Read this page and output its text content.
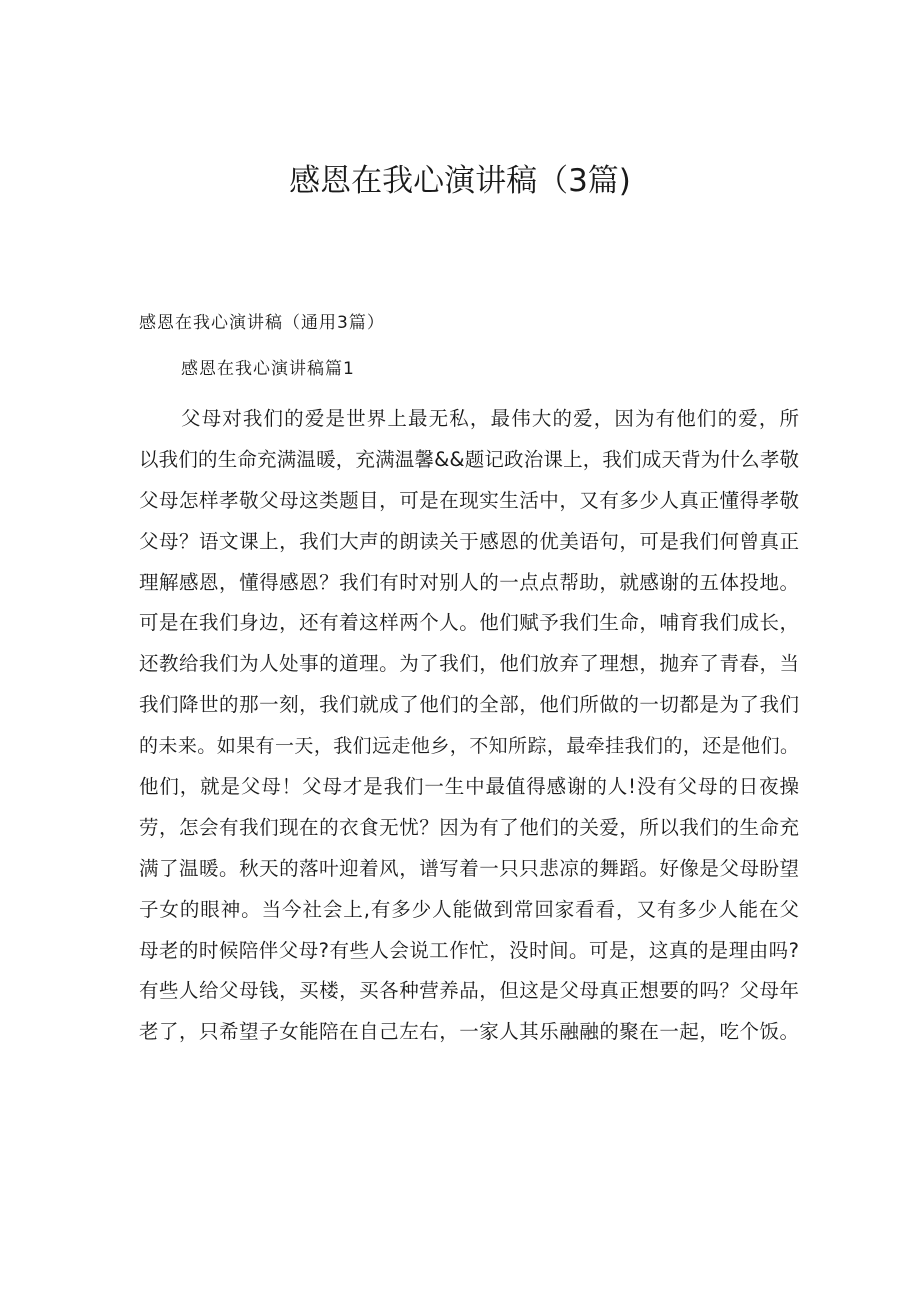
感恩在我心演讲稿（3篇)

感恩在我心演讲稿（通用3篇）

感恩在我心演讲稿篇1

父母对我们的爱是世界上最无私，最伟大的爱，因为有他们的爱，所
以我们的生命充满温暖，充满温馨&&题记政治课上，我们成天背为什么孝敬
父母怎样孝敬父母这类题目，可是在现实生活中，又有多少人真正懂得孝敬
父母？语文课上，我们大声的朗读关于感恩的优美语句，可是我们何曾真正
理解感恩，懂得感恩？我们有时对别人的一点点帮助，就感谢的五体投地。
可是在我们身边，还有着这样两个人。他们赋予我们生命，哺育我们成长，
还教给我们为人处事的道理。为了我们，他们放弃了理想，抛弃了青春，当
我们降世的那一刻，我们就成了他们的全部，他们所做的一切都是为了我们
的未来。如果有一天，我们远走他乡，不知所踪，最牵挂我们的，还是他们。
他们，就是父母！父母才是我们一生中最值得感谢的人!没有父母的日夜操
劳，怎会有我们现在的衣食无忧？因为有了他们的关爱，所以我们的生命充
满了温暖。秋天的落叶迎着风，谱写着一只只悲凉的舞蹈。好像是父母盼望
子女的眼神。当今社会上,有多少人能做到常回家看看，又有多少人能在父
母老的时候陪伴父母?有些人会说工作忙，没时间。可是，这真的是理由吗?
有些人给父母钱，买楼，买各种营养品，但这是父母真正想要的吗？父母年
老了，只希望子女能陪在自己左右，一家人其乐融融的聚在一起，吃个饭。
